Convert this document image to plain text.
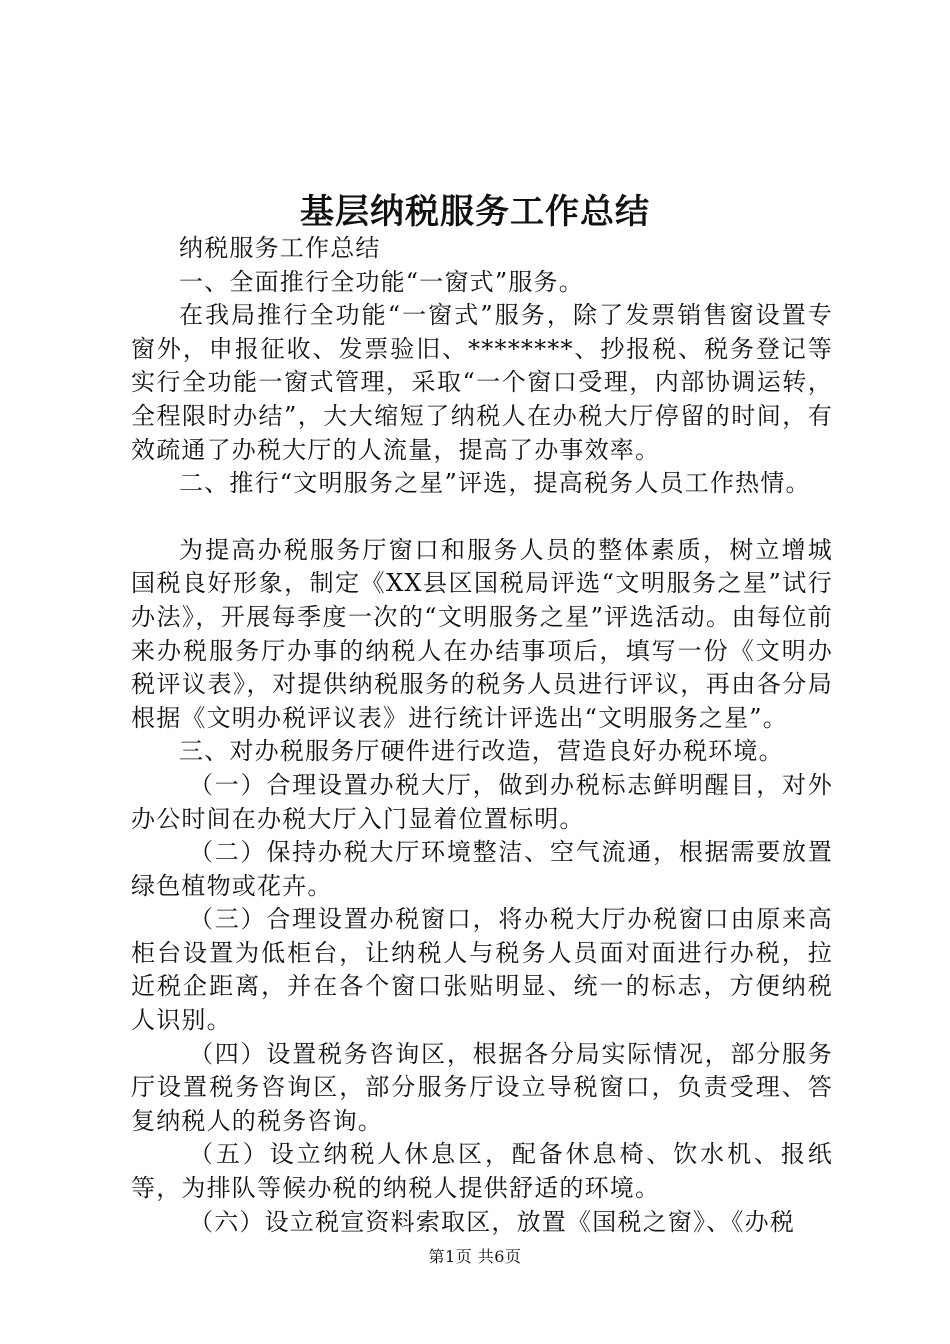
基层纳税服务工作总结

纳税服务工作总结

一、全面推行全功能“一窗式”服务。

在我局推行全功能“一窗式”服务，除了发票销售窗设置专窗外，申报征收、发票验旧、********、抄报税、税务登记等实行全功能一窗式管理，采取“一个窗口受理，内部协调运转，全程限时办结”，大大缩短了纳税人在办税大厅停留的时间，有效疏通了办税大厅的人流量，提高了办事效率。

二、推行“文明服务之星”评选，提高税务人员工作热情。

为提高办税服务厅窗口和服务人员的整体素质，树立增城国税良好形象，制定《XX县区国税局评选“文明服务之星”试行办法》，开展每季度一次的“文明服务之星”评选活动。由每位前来办税服务厅办事的纳税人在办结事项后，填写一份《文明办税评议表》，对提供纳税服务的税务人员进行评议，再由各分局根据《文明办税评议表》进行统计评选出“文明服务之星”。

三、对办税服务厅硬件进行改造，营造良好办税环境。

（一）合理设置办税大厅，做到办税标志鲜明醒目，对外办公时间在办税大厅入门显着位置标明。

（二）保持办税大厅环境整洁、空气流通，根据需要放置绿色植物或花卉。

（三）合理设置办税窗口，将办税大厅办税窗口由原来高柜台设置为低柜台，让纳税人与税务人员面对面进行办税，拉近税企距离，并在各个窗口张贴明显、统一的标志，方便纳税人识别。

（四）设置税务咨询区，根据各分局实际情况，部分服务厅设置税务咨询区，部分服务厅设立导税窗口，负责受理、答复纳税人的税务咨询。

（五）设立纳税人休息区，配备休息椅、饮水机、报纸等，为排队等候办税的纳税人提供舒适的环境。

（六）设立税宣资料索取区，放置《国税之窗》、《办税

第1页 共6页
